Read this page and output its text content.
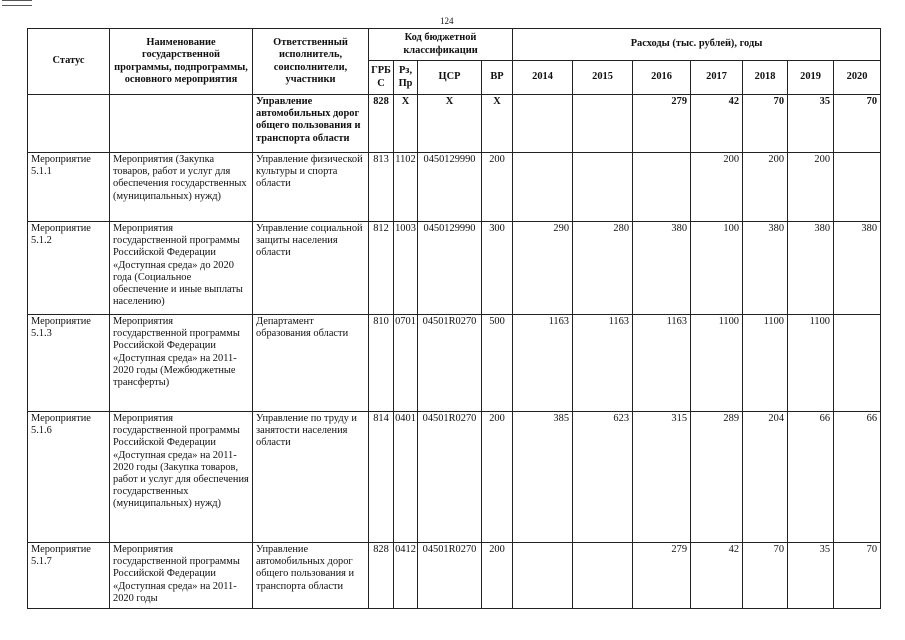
124
Статус	Наименование государственной программы, подпрограммы, основного мероприятия	Ответственный исполнитель, соисполнители, участники	Код бюджетной классификации				Расходы (тыс. рублей), годы						
			ГРБ С	Рз, Пр	ЦСР	ВР	2014	2015	2016	2017	2018	2019	2020
		Управление автомобильных дорог общего пользования и транспорта области	828	X	X	X			279	42	70	35	70
Мероприятие 5.1.1	Мероприятия (Закупка товаров, работ и услуг для обеспечения государственных (муниципальных) нужд)	Управление физической культуры и спорта области	813	1102	0450129990	200				200	200	200	
Мероприятие 5.1.2	Мероприятия государственной программы Российской Федерации «Доступная среда» до 2020 года (Социальное обеспечение и иные выплаты населению)	Управление социальной защиты населения области	812	1003	0450129990	300	290	280	380	100	380	380	380
Мероприятие 5.1.3	Мероприятия государственной программы Российской Федерации «Доступная среда» на 2011-2020 годы (Межбюджетные трансферты)	Департамент образования области	810	0701	04501R0270	500	1163	1163	1163	1100	1100	1100	
Мероприятие 5.1.6	Мероприятия государственной программы Российской Федерации «Доступная среда» на 2011-2020 годы (Закупка товаров, работ и услуг для обеспечения государственных (муниципальных) нужд)	Управление по труду и занятости населения области	814	0401	04501R0270	200	385	623	315	289	204	66	66
Мероприятие 5.1.7	Мероприятия государственной программы Российской Федерации «Доступная среда» на 2011-2020 годы	Управление автомобильных дорог общего пользования и транспорта области	828	0412	04501R0270	200			279	42	70	35	70
